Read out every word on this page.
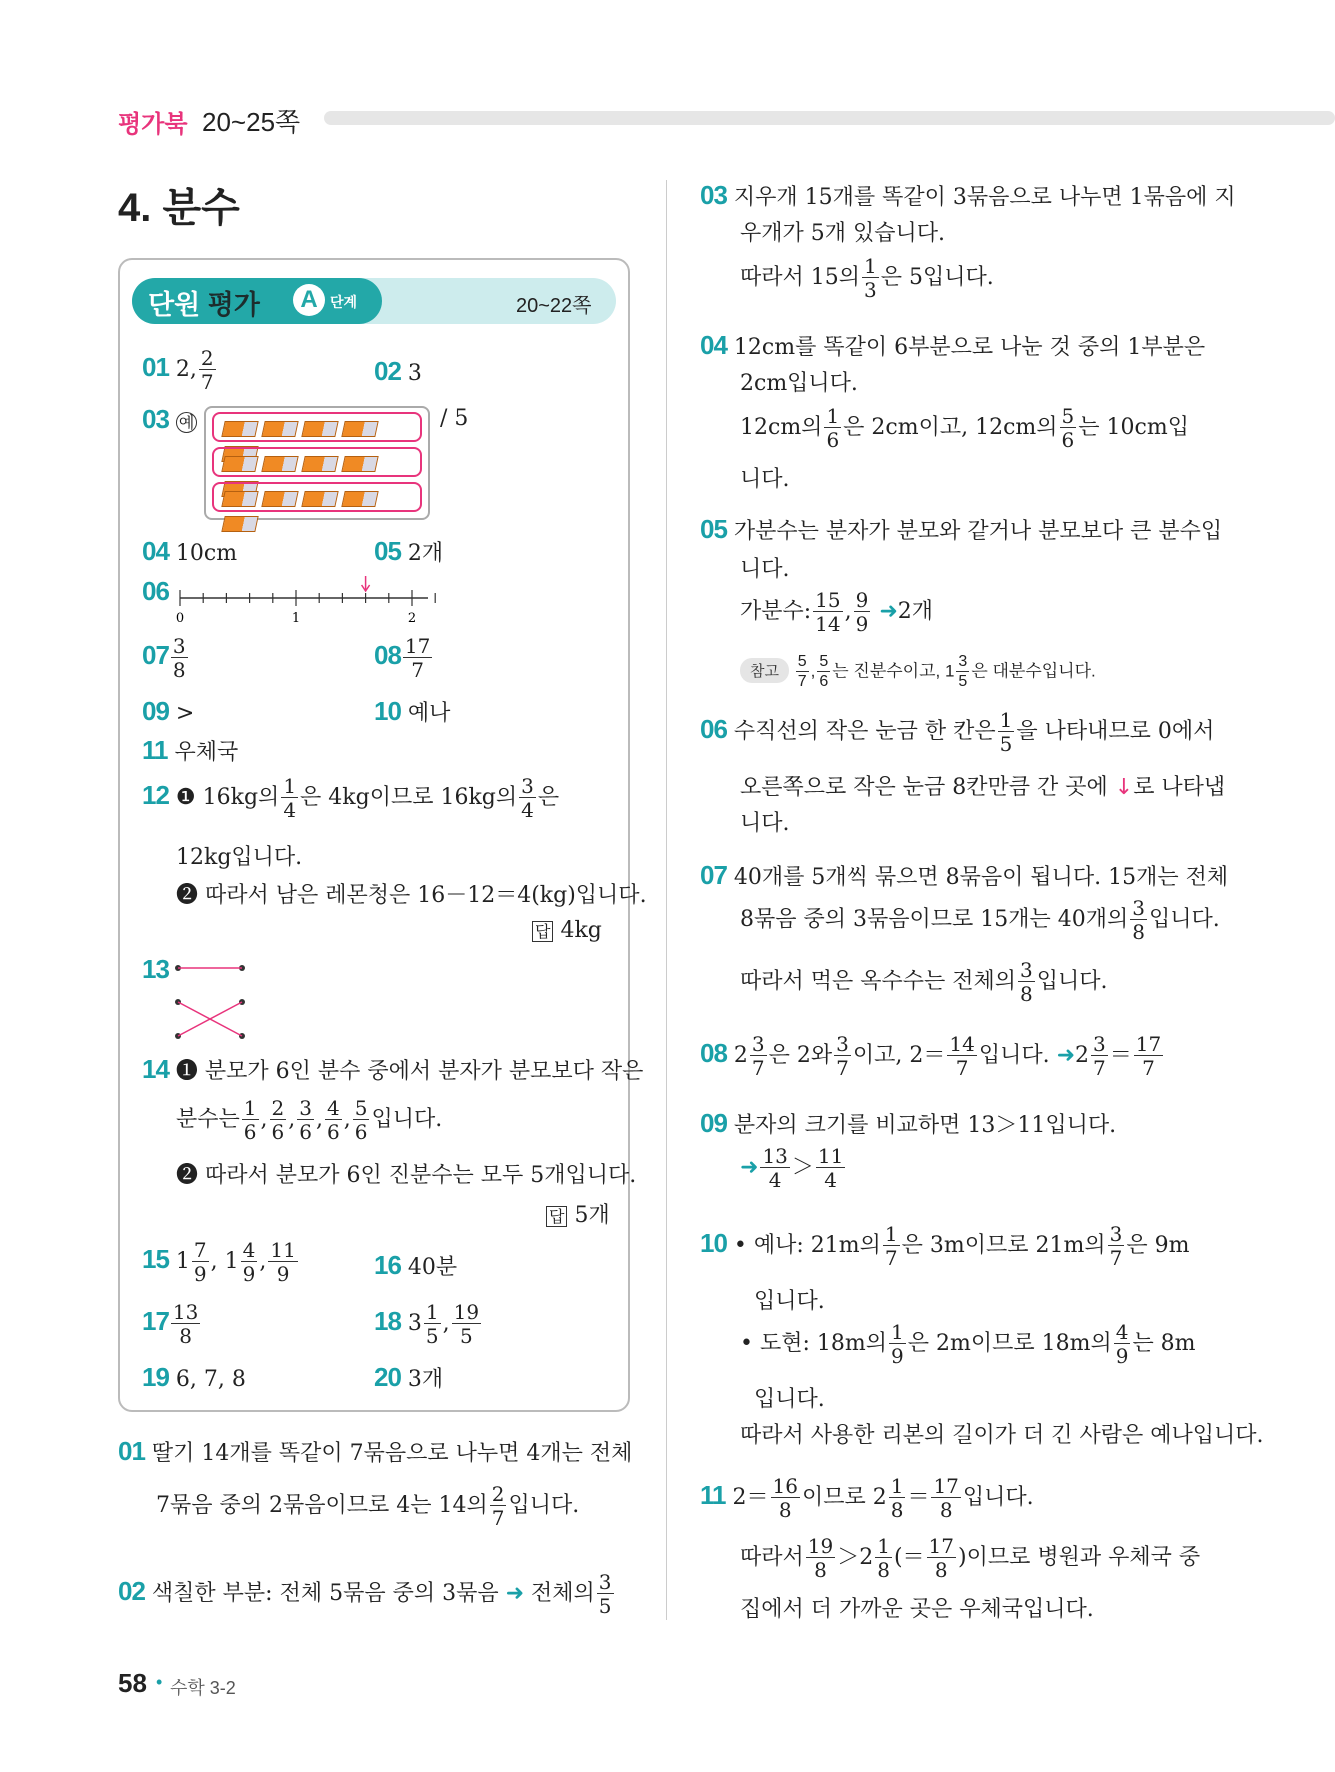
평가북 20~25쪽
4. 분수
단원 평가	A 단계	20~22쪽
01 2, $\frac{2}{7}$	02 3
03 예	/ 5
04 10cm	05 2개
06
0	1	2
$07 \frac{3}{8}$	$08 \frac{17}{7}$
09 >	10 예나
11 우체국
12 ❶ 16kg의 $\frac{1}{4}$ 은 4kg이므로 16kg의 $\frac{3}{4}$ 은
12kg입니다.
❷ 따라서 남은 레몬청은 16－12＝4(kg)입니다.
답 4kg
13
14 ❶ 분모가 6인 분수 중에서 분자가 분모보다 작은
분수는 $\frac{1}{6}$ , $\frac{2}{6}$ , $\frac{3}{6}$ , $\frac{4}{6}$ , $\frac{5}{6}$ 입니다.
❷ 따라서 분모가 6인 진분수는 모두 5개입니다.
답 5개
15 $1 \frac{7}{9}$ , $1 \frac{4}{9}$ , $\frac{11}{9}$	16 40분
$17 \frac{13}{8}$	18 $3 \frac{1}{5}$ , $\frac{19}{5}$
19 6, 7, 8	20 3개
01 딸기 14개를 똑같이 7묶음으로 나누면 4개는 전체
7묶음 중의 2묶음이므로 4는 14의 $\frac{2}{7}$ 입니다.
02 색칠한 부분: 전체 5묶음 중의 3묶음 ➜ 전체의 $\frac{3}{5}$
03 지우개 15개를 똑같이 3묶음으로 나누면 1묶음에 지
우개가 5개 있습니다.
따라서 15의 $\frac{1}{3}$ 은 5입니다.
04 12cm를 똑같이 6부분으로 나눈 것 중의 1부분은
2cm입니다.
12cm의 $\frac{1}{6}$ 은 2cm이고, 12cm의 $\frac{5}{6}$ 는 10cm입
니다.
05 가분수는 분자가 분모와 같거나 분모보다 큰 분수입
니다.
가분수: $\frac{15}{14}$ , $\frac{9}{9}$ ➜2개
참고 $\frac{5}{7}$ , $\frac{5}{6}$ 는 진분수이고, $1 \frac{3}{5}$ 은 대분수입니다.
06 수직선의 작은 눈금 한 칸은 $\frac{1}{5}$ 을 나타내므로 0에서
오른쪽으로 작은 눈금 8칸만큼 간 곳에 ↓로 나타냅
니다.
07 40개를 5개씩 묶으면 8묶음이 됩니다. 15개는 전체
8묶음 중의 3묶음이므로 15개는 40개의 $\frac{3}{8}$ 입니다.
따라서 먹은 옥수수는 전체의 $\frac{3}{8}$ 입니다.
08 $2 \frac{3}{7}$ 은 2와 $\frac{3}{7}$ 이고, $2= \frac{14}{7}$ 입니다. ➜2 $\frac{3}{7} = \frac{17}{7}$
09 분자의 크기를 비교하면 13＞11입니다.
➜ $\frac{13}{4} > \frac{11}{4}$
10 • 예나: 21m의 $\frac{1}{7}$ 은 3m이므로 21m의 $\frac{3}{7}$ 은 9m
입니다.
• 도현: 18m의 $\frac{1}{9}$ 은 2m이므로 18m의 $\frac{4}{9}$ 는 8m
입니다.
따라서 사용한 리본의 길이가 더 긴 사람은 예나입니다.
11 $2= \frac{16}{8}$ 이므로 $2 \frac{1}{8} = \frac{17}{8}$ 입니다.
따라서 $\frac{19}{8} >2 \frac{1}{8}$ (＝ $\frac{17}{8}$ )이므로 병원과 우체국 중
집에서 더 가까운 곳은 우체국입니다.
58 • 수학 3-2
